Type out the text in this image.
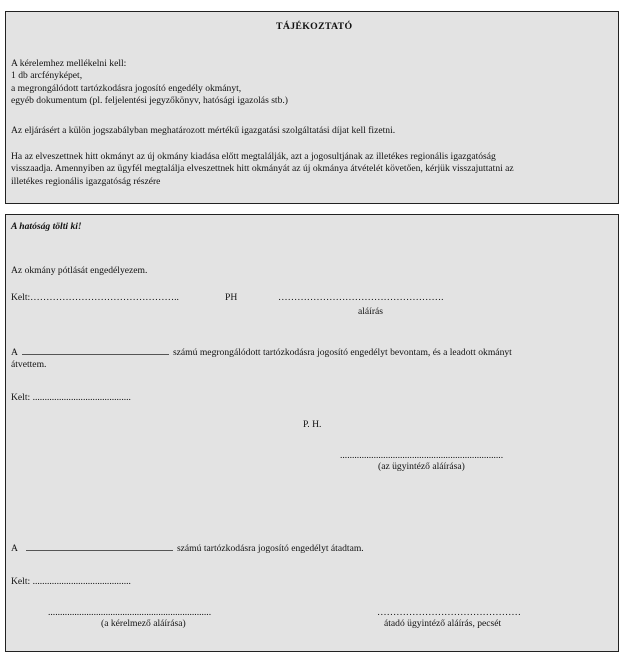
TÁJÉKOZTATÓ
A kérelemhez mellékelni kell:
1 db arcfényképet,
a megrongálódott tartózkodásra jogosító engedély okmányt,
egyéb dokumentum (pl. feljelentési jegyzőkönyv, hatósági igazolás stb.)
Az eljárásért a külön jogszabályban meghatározott mértékű igazgatási szolgáltatási díjat kell fizetni.
Ha az elveszettnek hitt okmányt az új okmány kiadása előtt megtalálják, azt a jogosultjának az illetékes regionális igazgatóság
visszaadja. Amennyiben az ügyfél megtalálja elveszettnek hitt okmányát az új okmánya átvételét követően, kérjük visszajuttatni az
illetékes regionális igazgatóság részére
A hatóság tölti ki!
Az okmány pótlását engedélyezem.
Kelt:………………………………………..	PH	…………………………………………….
aláírás
A	számú megrongálódott tartózkodásra jogosító engedélyt bevontam, és a leadott okmányt
átvettem.
Kelt: .........................................
P. H.
....................................................................
(az ügyintéző aláírása)
A	számú tartózkodásra jogosító engedélyt átadtam.
Kelt: .........................................
....................................................................
(a kérelmező aláírása)
………………………………………
átadó ügyintéző aláírás, pecsét
